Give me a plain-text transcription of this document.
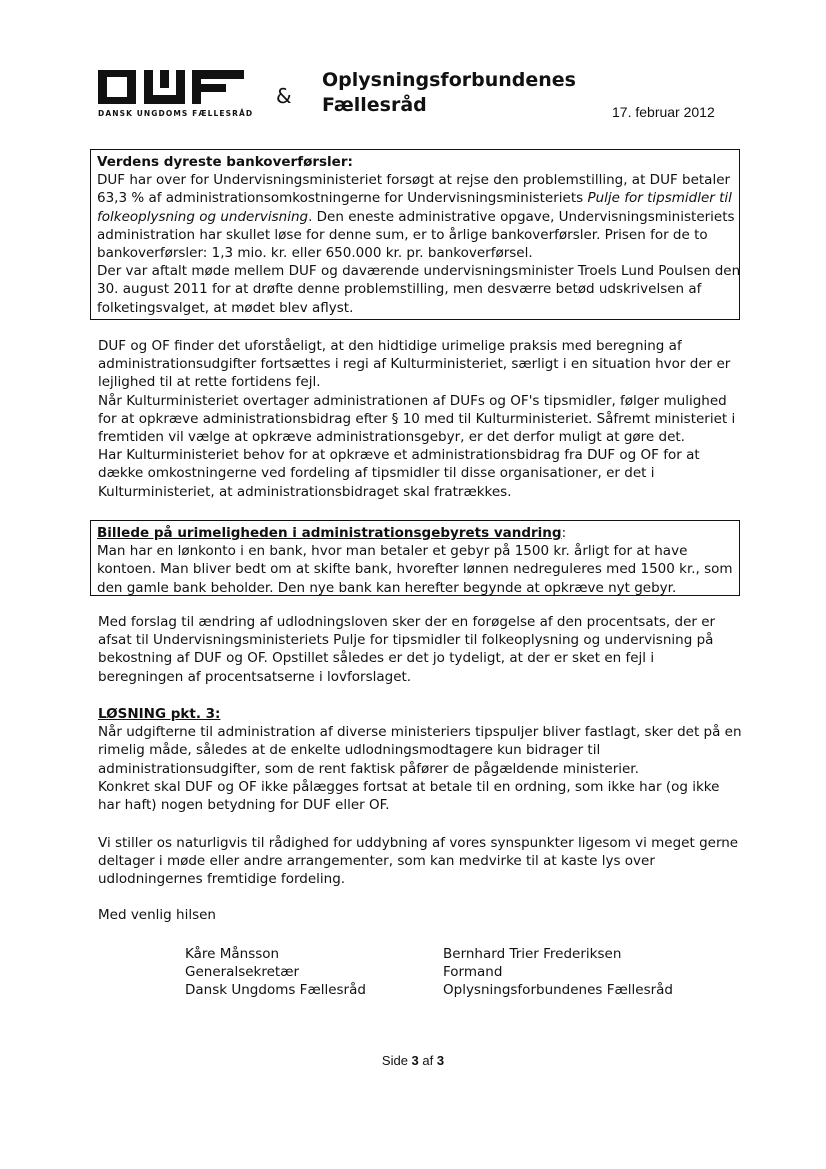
DANSK UNGDOMS FÆLLESRÅD
&
Oplysningsforbundenes
Fællesråd	17. februar 2012
Verdens dyreste bankoverførsler:
DUF har over for Undervisningsministeriet forsøgt at rejse den problemstilling, at DUF betaler
63,3 % af administrationsomkostningerne for Undervisningsministeriets Pulje for tipsmidler til
folkeoplysning og undervisning. Den eneste administrative opgave, Undervisningsministeriets
administration har skullet løse for denne sum, er to årlige bankoverførsler. Prisen for de to
bankoverførsler: 1,3 mio. kr. eller 650.000 kr. pr. bankoverførsel.
Der var aftalt møde mellem DUF og daværende undervisningsminister Troels Lund Poulsen den
30. august 2011 for at drøfte denne problemstilling, men desværre betød udskrivelsen af
folketingsvalget, at mødet blev aflyst.
DUF og OF finder det uforståeligt, at den hidtidige urimelige praksis med beregning af
administrationsudgifter fortsættes i regi af Kulturministeriet, særligt i en situation hvor der er
lejlighed til at rette fortidens fejl.
Når Kulturministeriet overtager administrationen af DUFs og OF's tipsmidler, følger mulighed
for at opkræve administrationsbidrag efter § 10 med til Kulturministeriet. Såfremt ministeriet i
fremtiden vil vælge at opkræve administrationsgebyr, er det derfor muligt at gøre det.
Har Kulturministeriet behov for at opkræve et administrationsbidrag fra DUF og OF for at
dække omkostningerne ved fordeling af tipsmidler til disse organisationer, er det i
Kulturministeriet, at administrationsbidraget skal fratrækkes.
Billede på urimeligheden i administrationsgebyrets vandring:
Man har en lønkonto i en bank, hvor man betaler et gebyr på 1500 kr. årligt for at have
kontoen. Man bliver bedt om at skifte bank, hvorefter lønnen nedreguleres med 1500 kr., som
den gamle bank beholder. Den nye bank kan herefter begynde at opkræve nyt gebyr.
Med forslag til ændring af udlodningsloven sker der en forøgelse af den procentsats, der er
afsat til Undervisningsministeriets Pulje for tipsmidler til folkeoplysning og undervisning på
bekostning af DUF og OF. Opstillet således er det jo tydeligt, at der er sket en fejl i
beregningen af procentsatserne i lovforslaget.
LØSNING pkt. 3:
Når udgifterne til administration af diverse ministeriers tipspuljer bliver fastlagt, sker det på en
rimelig måde, således at de enkelte udlodningsmodtagere kun bidrager til
administrationsudgifter, som de rent faktisk påfører de pågældende ministerier.
Konkret skal DUF og OF ikke pålægges fortsat at betale til en ordning, som ikke har (og ikke
har haft) nogen betydning for DUF eller OF.
Vi stiller os naturligvis til rådighed for uddybning af vores synspunkter ligesom vi meget gerne
deltager i møde eller andre arrangementer, som kan medvirke til at kaste lys over
udlodningernes fremtidige fordeling.
Med venlig hilsen
Kåre Månsson
Generalsekretær
Dansk Ungdoms Fællesråd
Bernhard Trier Frederiksen
Formand
Oplysningsforbundenes Fællesråd
Side 3 af 3
